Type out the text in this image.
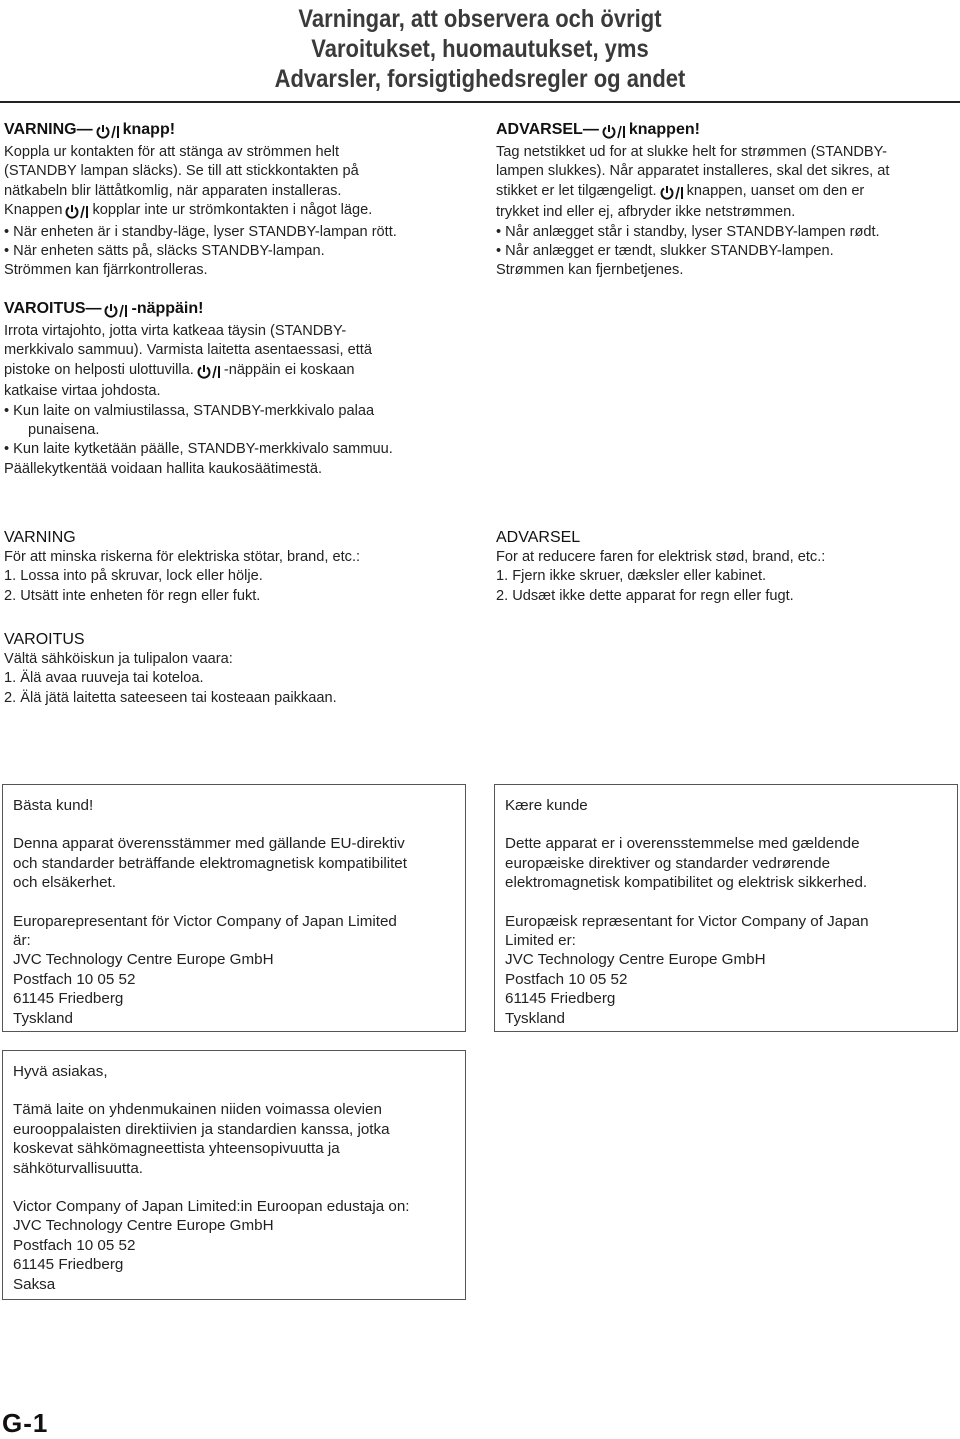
Varningar, att observera och övrigt
Varoitukset, huomautukset, yms
Advarsler, forsigtighedsregler og andet
VARNING— knapp!
Koppla ur kontakten för att stänga av strömmen helt
(STANDBY lampan släcks). Se till att stickkontakten på
nätkabeln blir lättåtkomlig, när apparaten installeras.
Knappen kopplar inte ur strömkontakten i något läge.
• När enheten är i standby-läge, lyser STANDBY-lampan rött.
• När enheten sätts på, släcks STANDBY-lampan.
Strömmen kan fjärrkontrolleras.
ADVARSEL— knappen!
Tag netstikket ud for at slukke helt for strømmen (STANDBY-
lampen slukkes). Når apparatet installeres, skal det sikres, at
stikket er let tilgængeligt. knappen, uanset om den er
trykket ind eller ej, afbryder ikke netstrømmen.
• Når anlægget står i standby, lyser STANDBY-lampen rødt.
• Når anlægget er tændt, slukker STANDBY-lampen.
Strømmen kan fjernbetjenes.
VAROITUS— -näppäin!
Irrota virtajohto, jotta virta katkeaa täysin (STANDBY-
merkkivalo sammuu). Varmista laitetta asentaessasi, että
pistoke on helposti ulottuvilla. -näppäin ei koskaan
katkaise virtaa johdosta.
• Kun laite on valmiustilassa, STANDBY-merkkivalo palaa
punaisena.
• Kun laite kytketään päälle, STANDBY-merkkivalo sammuu.
Päällekytkentää voidaan hallita kaukosäätimestä.
VARNING
För att minska riskerna för elektriska stötar, brand, etc.:
1. Lossa into på skruvar, lock eller hölje.
2. Utsätt inte enheten för regn eller fukt.
ADVARSEL
For at reducere faren for elektrisk stød, brand, etc.:
1. Fjern ikke skruer, dæksler eller kabinet.
2. Udsæt ikke dette apparat for regn eller fugt.
VAROITUS
Vältä sähköiskun ja tulipalon vaara:
1. Älä avaa ruuveja tai koteloa.
2. Älä jätä laitetta sateeseen tai kosteaan paikkaan.

Bästa kund!

Denna apparat överensstämmer med gällande EU-direktiv
och standarder beträffande elektromagnetisk kompatibilitet
och elsäkerhet.

Europarepresentant för Victor Company of Japan Limited
är:
JVC Technology Centre Europe GmbH
Postfach 10 05 52
61145 Friedberg
Tyskland

Kære kunde

Dette apparat er i overensstemmelse med gældende
europæiske direktiver og standarder vedrørende
elektromagnetisk kompatibilitet og elektrisk sikkerhed.

Europæisk repræsentant for Victor Company of Japan
Limited er:
JVC Technology Centre Europe GmbH
Postfach 10 05 52
61145 Friedberg
Tyskland

Hyvä asiakas,

Tämä laite on yhdenmukainen niiden voimassa olevien
eurooppalaisten direktiivien ja standardien kanssa, jotka
koskevat sähkömagneettista yhteensopivuutta ja
sähköturvallisuutta.

Victor Company of Japan Limited:in Euroopan edustaja on:
JVC Technology Centre Europe GmbH
Postfach 10 05 52
61145 Friedberg
Saksa

G-1
